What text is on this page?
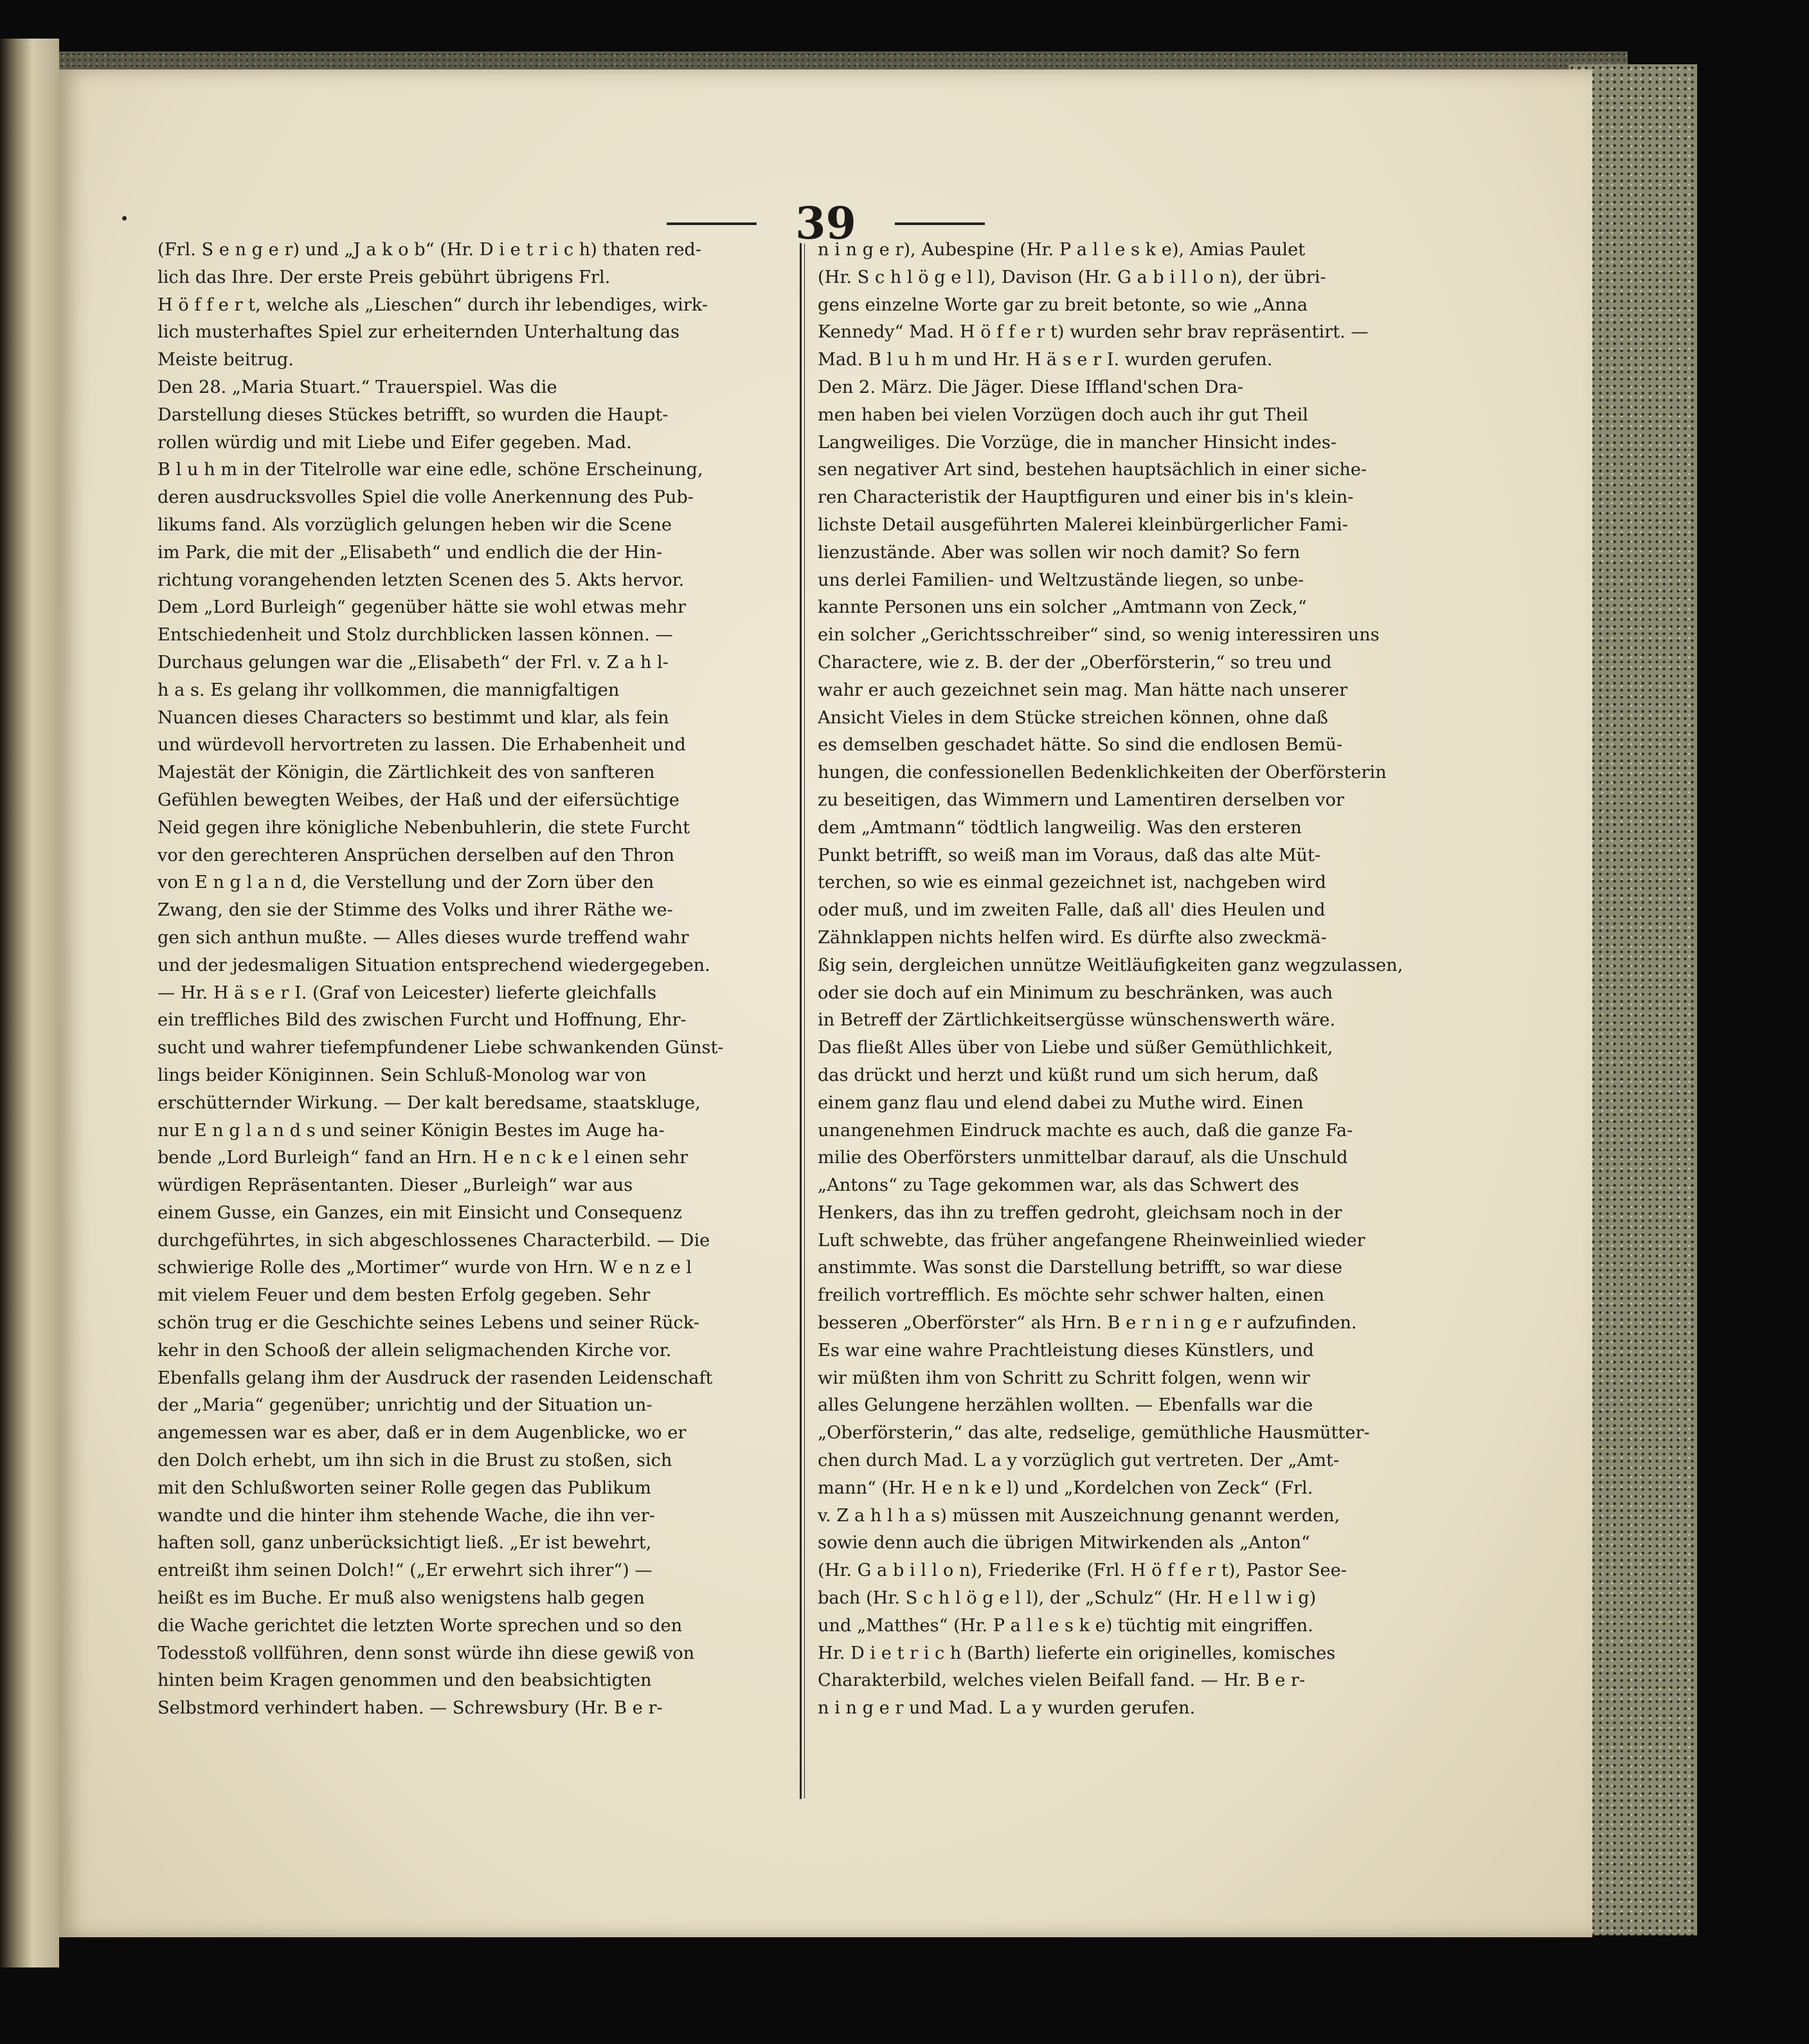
39
(Frl. S e n g e r) und „J a k o b“ (Hr. D i e t r i c h) thaten red-
lich das Ihre. Der erste Preis gebührt übrigens Frl.
H ö f f e r t, welche als „Lieschen“ durch ihr lebendiges, wirk-
lich musterhaftes Spiel zur erheiternden Unterhaltung das
Meiste beitrug.
Den 28. „Maria Stuart.“ Trauerspiel. Was die
Darstellung dieses Stückes betrifft, so wurden die Haupt-
rollen würdig und mit Liebe und Eifer gegeben. Mad.
B l u h m in der Titelrolle war eine edle, schöne Erscheinung,
deren ausdrucksvolles Spiel die volle Anerkennung des Pub-
likums fand. Als vorzüglich gelungen heben wir die Scene
im Park, die mit der „Elisabeth“ und endlich die der Hin-
richtung vorangehenden letzten Scenen des 5. Akts hervor.
Dem „Lord Burleigh“ gegenüber hätte sie wohl etwas mehr
Entschiedenheit und Stolz durchblicken lassen können. —
Durchaus gelungen war die „Elisabeth“ der Frl. v. Z a h l-
h a s. Es gelang ihr vollkommen, die mannigfaltigen
Nuancen dieses Characters so bestimmt und klar, als fein
und würdevoll hervortreten zu lassen. Die Erhabenheit und
Majestät der Königin, die Zärtlichkeit des von sanfteren
Gefühlen bewegten Weibes, der Haß und der eifersüchtige
Neid gegen ihre königliche Nebenbuhlerin, die stete Furcht
vor den gerechteren Ansprüchen derselben auf den Thron
von E n g l a n d, die Verstellung und der Zorn über den
Zwang, den sie der Stimme des Volks und ihrer Räthe we-
gen sich anthun mußte. — Alles dieses wurde treffend wahr
und der jedesmaligen Situation entsprechend wiedergegeben.
— Hr. H ä s e r I. (Graf von Leicester) lieferte gleichfalls
ein treffliches Bild des zwischen Furcht und Hoffnung, Ehr-
sucht und wahrer tiefempfundener Liebe schwankenden Günst-
lings beider Königinnen. Sein Schluß-Monolog war von
erschütternder Wirkung. — Der kalt beredsame, staatskluge,
nur E n g l a n d s und seiner Königin Bestes im Auge ha-
bende „Lord Burleigh“ fand an Hrn. H e n c k e l einen sehr
würdigen Repräsentanten. Dieser „Burleigh“ war aus
einem Gusse, ein Ganzes, ein mit Einsicht und Consequenz
durchgeführtes, in sich abgeschlossenes Characterbild. — Die
schwierige Rolle des „Mortimer“ wurde von Hrn. W e n z e l
mit vielem Feuer und dem besten Erfolg gegeben. Sehr
schön trug er die Geschichte seines Lebens und seiner Rück-
kehr in den Schooß der allein seligmachenden Kirche vor.
Ebenfalls gelang ihm der Ausdruck der rasenden Leidenschaft
der „Maria“ gegenüber; unrichtig und der Situation un-
angemessen war es aber, daß er in dem Augenblicke, wo er
den Dolch erhebt, um ihn sich in die Brust zu stoßen, sich
mit den Schlußworten seiner Rolle gegen das Publikum
wandte und die hinter ihm stehende Wache, die ihn ver-
haften soll, ganz unberücksichtigt ließ. „Er ist bewehrt,
entreißt ihm seinen Dolch!“ („Er erwehrt sich ihrer“) —
heißt es im Buche. Er muß also wenigstens halb gegen
die Wache gerichtet die letzten Worte sprechen und so den
Todesstoß vollführen, denn sonst würde ihn diese gewiß von
hinten beim Kragen genommen und den beabsichtigten
Selbstmord verhindert haben. — Schrewsbury (Hr. B e r-
n i n g e r), Aubespine (Hr. P a l l e s k e), Amias Paulet
(Hr. S c h l ö g e l l), Davison (Hr. G a b i l l o n), der übri-
gens einzelne Worte gar zu breit betonte, so wie „Anna
Kennedy“ Mad. H ö f f e r t) wurden sehr brav repräsentirt. —
Mad. B l u h m und Hr. H ä s e r I. wurden gerufen.
Den 2. März. Die Jäger. Diese Iffland'schen Dra-
men haben bei vielen Vorzügen doch auch ihr gut Theil
Langweiliges. Die Vorzüge, die in mancher Hinsicht indes-
sen negativer Art sind, bestehen hauptsächlich in einer siche-
ren Characteristik der Hauptfiguren und einer bis in's klein-
lichste Detail ausgeführten Malerei kleinbürgerlicher Fami-
lienzustände. Aber was sollen wir noch damit? So fern
uns derlei Familien- und Weltzustände liegen, so unbe-
kannte Personen uns ein solcher „Amtmann von Zeck,“
ein solcher „Gerichtsschreiber“ sind, so wenig interessiren uns
Charactere, wie z. B. der der „Oberförsterin,“ so treu und
wahr er auch gezeichnet sein mag. Man hätte nach unserer
Ansicht Vieles in dem Stücke streichen können, ohne daß
es demselben geschadet hätte. So sind die endlosen Bemü-
hungen, die confessionellen Bedenklichkeiten der Oberförsterin
zu beseitigen, das Wimmern und Lamentiren derselben vor
dem „Amtmann“ tödtlich langweilig. Was den ersteren
Punkt betrifft, so weiß man im Voraus, daß das alte Müt-
terchen, so wie es einmal gezeichnet ist, nachgeben wird
oder muß, und im zweiten Falle, daß all' dies Heulen und
Zähnklappen nichts helfen wird. Es dürfte also zweckmä-
ßig sein, dergleichen unnütze Weitläufigkeiten ganz wegzulassen,
oder sie doch auf ein Minimum zu beschränken, was auch
in Betreff der Zärtlichkeitsergüsse wünschenswerth wäre.
Das fließt Alles über von Liebe und süßer Gemüthlichkeit,
das drückt und herzt und küßt rund um sich herum, daß
einem ganz flau und elend dabei zu Muthe wird. Einen
unangenehmen Eindruck machte es auch, daß die ganze Fa-
milie des Oberförsters unmittelbar darauf, als die Unschuld
„Antons“ zu Tage gekommen war, als das Schwert des
Henkers, das ihn zu treffen gedroht, gleichsam noch in der
Luft schwebte, das früher angefangene Rheinweinlied wieder
anstimmte. Was sonst die Darstellung betrifft, so war diese
freilich vortrefflich. Es möchte sehr schwer halten, einen
besseren „Oberförster“ als Hrn. B e r n i n g e r aufzufinden.
Es war eine wahre Prachtleistung dieses Künstlers, und
wir müßten ihm von Schritt zu Schritt folgen, wenn wir
alles Gelungene herzählen wollten. — Ebenfalls war die
„Oberförsterin,“ das alte, redselige, gemüthliche Hausmütter-
chen durch Mad. L a y vorzüglich gut vertreten. Der „Amt-
mann“ (Hr. H e n k e l) und „Kordelchen von Zeck“ (Frl.
v. Z a h l h a s) müssen mit Auszeichnung genannt werden,
sowie denn auch die übrigen Mitwirkenden als „Anton“
(Hr. G a b i l l o n), Friederike (Frl. H ö f f e r t), Pastor See-
bach (Hr. S c h l ö g e l l), der „Schulz“ (Hr. H e l l w i g)
und „Matthes“ (Hr. P a l l e s k e) tüchtig mit eingriffen.
Hr. D i e t r i c h (Barth) lieferte ein originelles, komisches
Charakterbild, welches vielen Beifall fand. — Hr. B e r-
n i n g e r und Mad. L a y wurden gerufen.
